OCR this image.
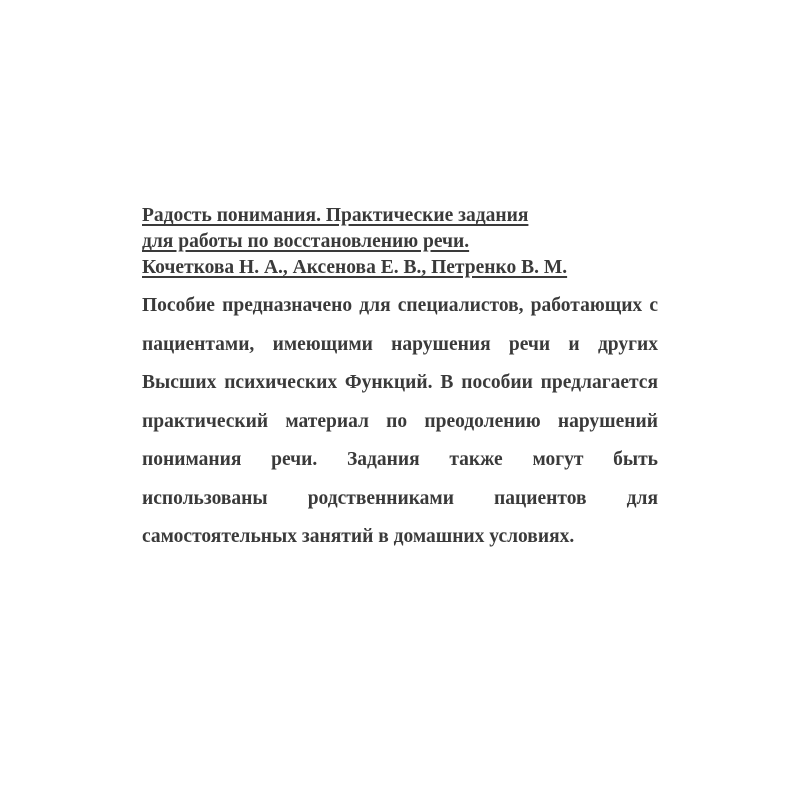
Радость понимания. Практические задания
для работы по восстановлению речи.
Кочеткова Н. А., Аксенова Е. В., Петренко В. М.

Пособие предназначено для специалистов, работающих с пациентами, имеющими нарушения речи и других Высших психических Функций. В пособии предлагается практический материал по преодолению нарушений понимания речи. Задания также могут быть использованы родственниками пациентов для самостоятельных занятий в домашних условиях.
